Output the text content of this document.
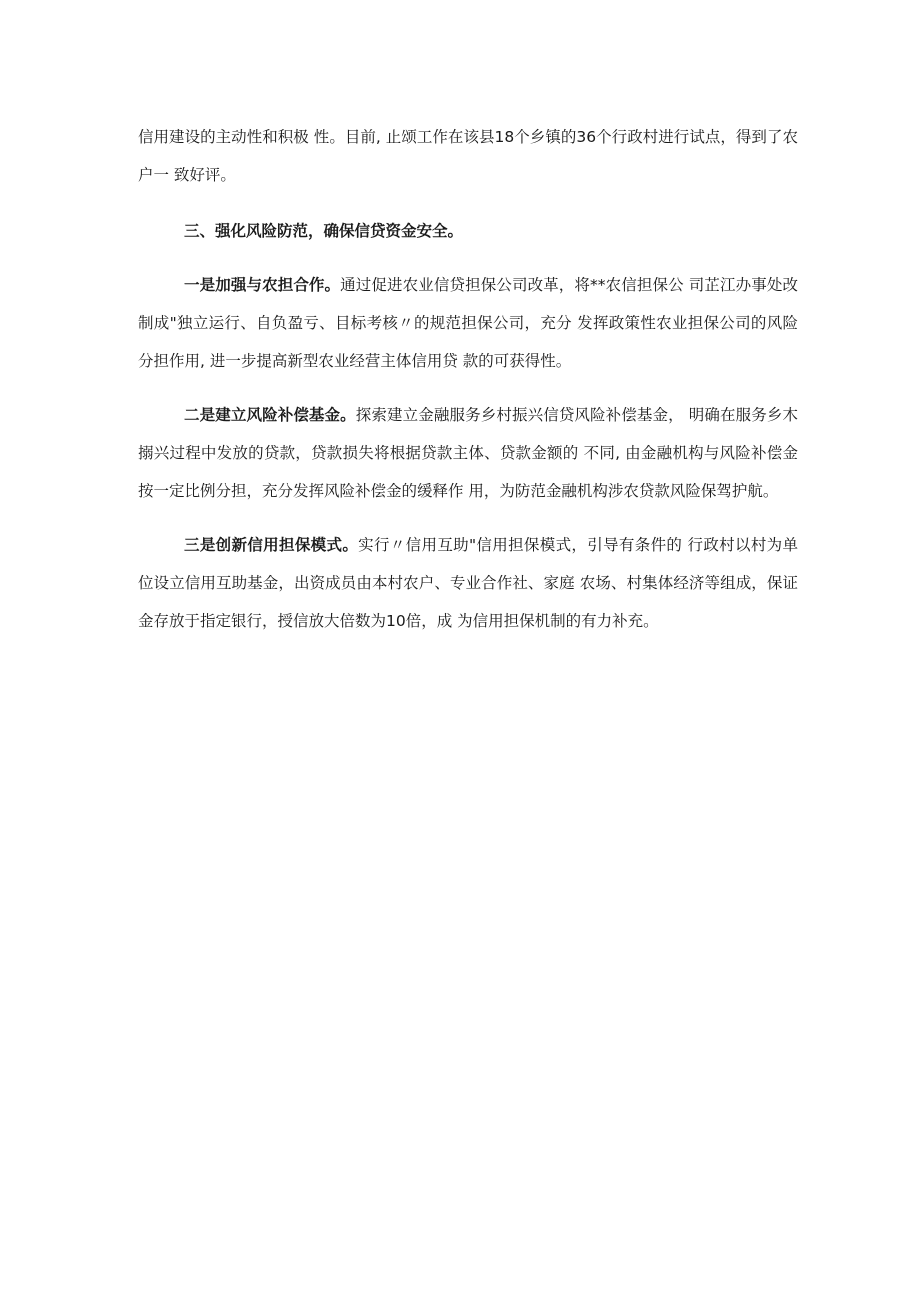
信用建设的主动性和积极 性。目前, 止颂工作在该县18个乡镇的36个行政村进行试点，得到了农户一 致好评。

三、强化风险防范，确保信贷资金安全。

一是加强与农担合作。通过促进农业信贷担保公司改革，将**农信担保公 司芷江办事处改制成"独立运行、自负盈亏、目标考核〃的规范担保公司，充分 发挥政策性农业担保公司的风险分担作用, 进一步提高新型农业经营主体信用贷 款的可获得性。

二是建立风险补偿基金。探索建立金融服务乡村振兴信贷风险补偿基金， 明确在服务乡木搦兴过程中发放的贷款，贷款损失将根据贷款主体、贷款金额的 不同, 由金融机构与风险补偿金按一定比例分担，充分发挥风险补偿金的缓释作 用，为防范金融机构涉农贷款风险保驾护航。

三是创新信用担保模式。实行〃信用互助"信用担保模式，引导有条件的 行政村以村为单位设立信用互助基金，出资成员由本村农户、专业合作社、家庭 农场、村集体经济等组成，保证金存放于指定银行，授信放大倍数为10倍，成 为信用担保机制的有力补充。
